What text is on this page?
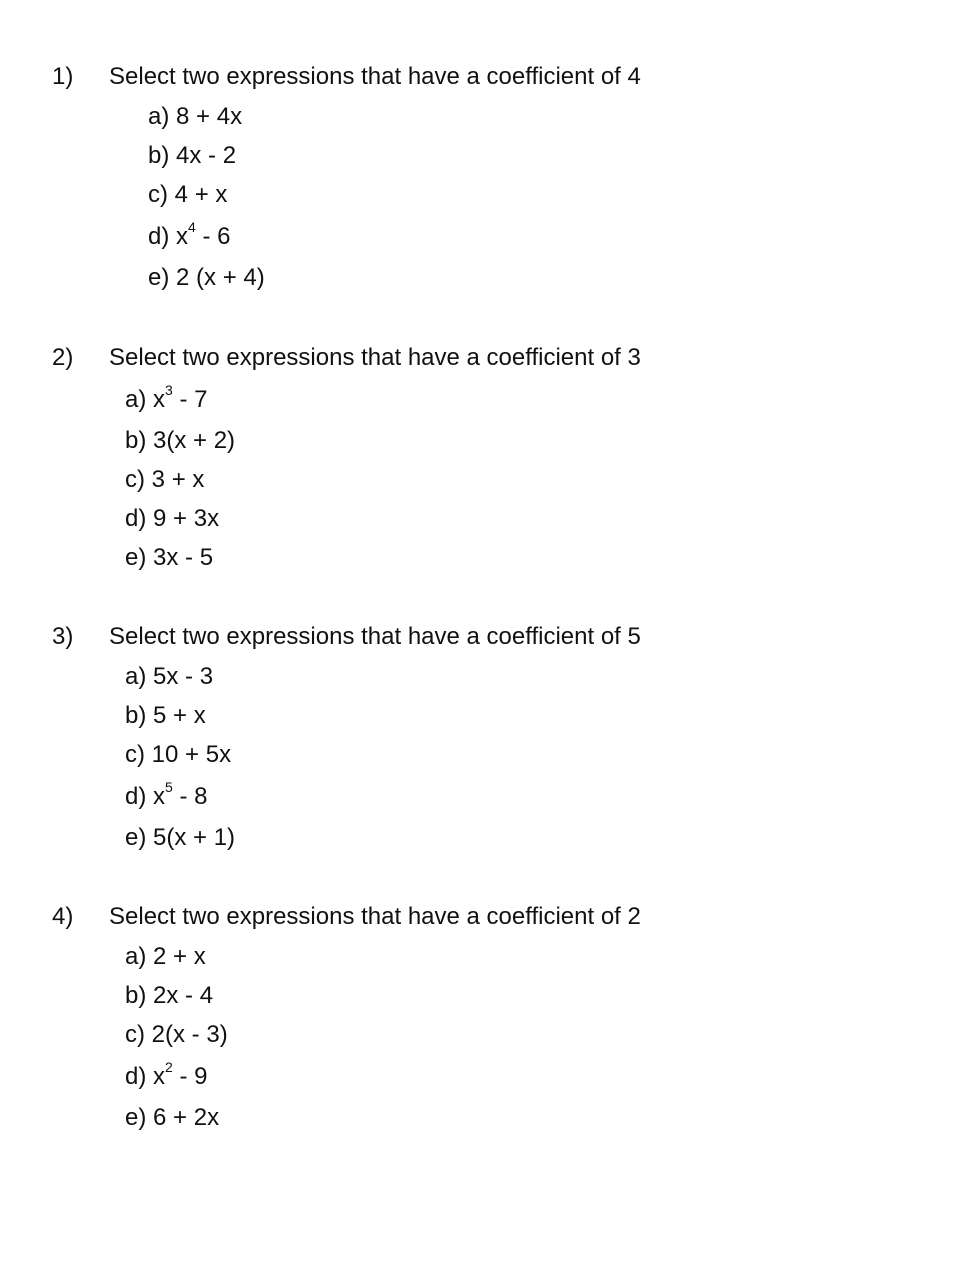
1) Select two expressions that have a coefficient of 4
a) 8 + 4x
b) 4x - 2
c) 4 + x
d) $x^4 - 6$
e) 2 (x + 4)
2) Select two expressions that have a coefficient of 3
a) $x^3 - 7$
b) 3(x + 2)
c) 3 + x
d) 9 + 3x
e) 3x - 5
3) Select two expressions that have a coefficient of 5
a) 5x - 3
b) 5 + x
c) 10 + 5x
d) $x^5 - 8$
e) 5(x + 1)
4) Select two expressions that have a coefficient of 2
a) 2 + x
b) 2x - 4
c) 2(x - 3)
d) $x^2 - 9$
e) 6 + 2x
